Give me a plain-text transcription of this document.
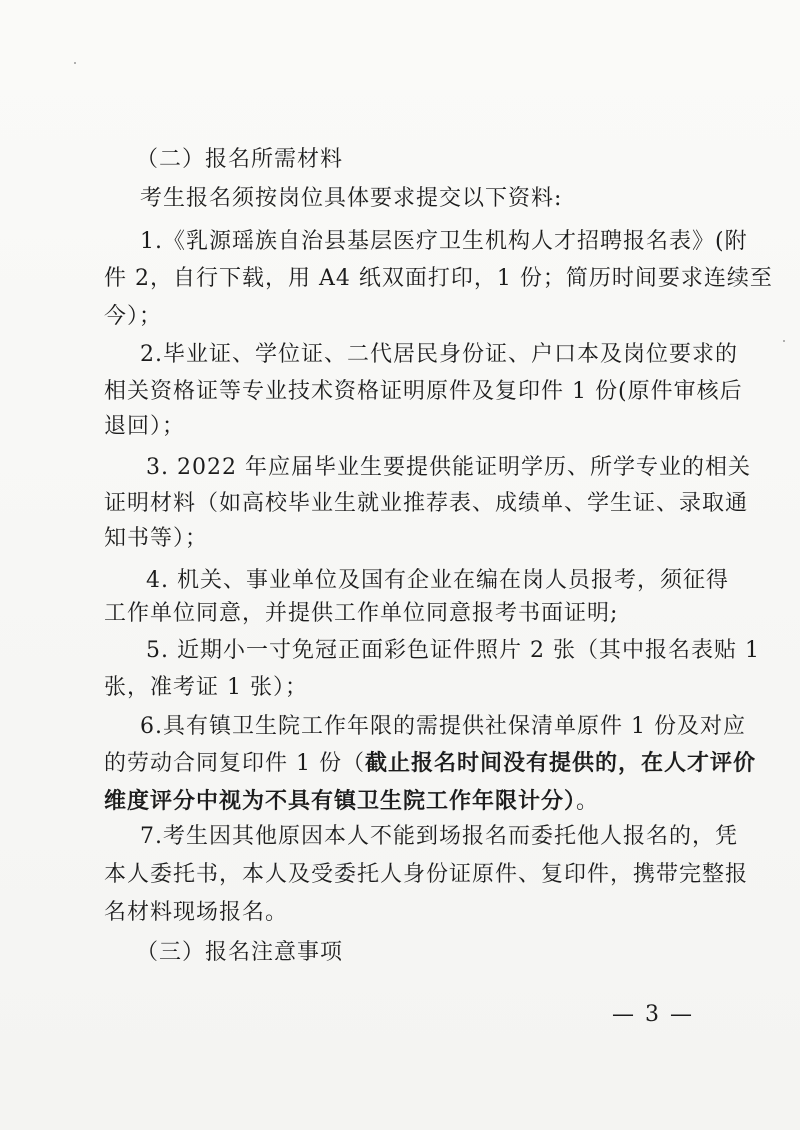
（二）报名所需材料
考生报名须按岗位具体要求提交以下资料:
1.《乳源瑶族自治县基层医疗卫生机构人才招聘报名表》(附
件 2，自行下载，用 A4 纸双面打印，1 份；简历时间要求连续至
今）；
2.毕业证、学位证、二代居民身份证、户口本及岗位要求的
相关资格证等专业技术资格证明原件及复印件 1 份(原件审核后
退回）；
3. 2022 年应届毕业生要提供能证明学历、所学专业的相关
证明材料（如高校毕业生就业推荐表、成绩单、学生证、录取通
知书等）；
4. 机关、事业单位及国有企业在编在岗人员报考，须征得
工作单位同意，并提供工作单位同意报考书面证明;
5. 近期小一寸免冠正面彩色证件照片 2 张（其中报名表贴 1
张，准考证 1 张）；
6.具有镇卫生院工作年限的需提供社保清单原件 1 份及对应
的劳动合同复印件 1 份（截止报名时间没有提供的，在人才评价
维度评分中视为不具有镇卫生院工作年限计分）。
7.考生因其他原因本人不能到场报名而委托他人报名的，凭
本人委托书，本人及受委托人身份证原件、复印件，携带完整报
名材料现场报名。
（三）报名注意事项
— 3 —
